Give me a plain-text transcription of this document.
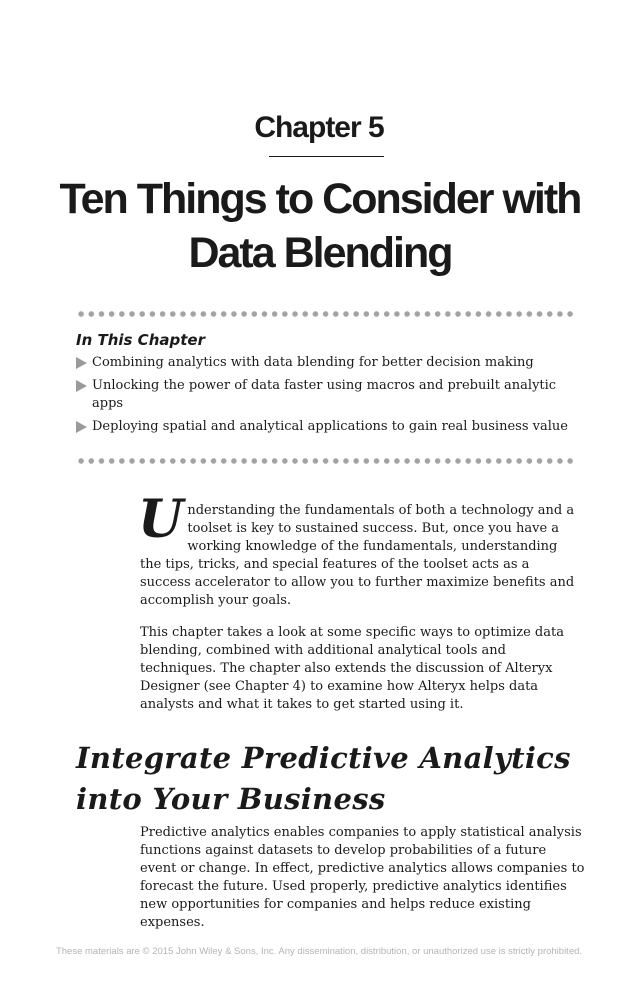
Chapter 5
Ten Things to Consider with
Data Blending
In This Chapter
Combining analytics with data blending for better decision making
Unlocking the power of data faster using macros and prebuilt analytic apps
Deploying spatial and analytical applications to gain real business value

Understanding the fundamentals of both a technology and a toolset is key to sustained success. But, once you have a working knowledge of the fundamentals, understanding the tips, tricks, and special features of the toolset acts as a success accelerator to allow you to further maximize benefits and accomplish your goals.

This chapter takes a look at some specific ways to optimize data blending, combined with additional analytical tools and techniques. The chapter also extends the discussion of Alteryx Designer (see Chapter 4) to examine how Alteryx helps data analysts and what it takes to get started using it.

Integrate Predictive Analytics
into Your Business

Predictive analytics enables companies to apply statistical analysis functions against datasets to develop probabilities of a future event or change. In effect, predictive analytics allows companies to forecast the future. Used properly, predictive analytics identifies new opportunities for companies and helps reduce existing expenses.

These materials are © 2015 John Wiley & Sons, Inc. Any dissemination, distribution, or unauthorized use is strictly prohibited.
